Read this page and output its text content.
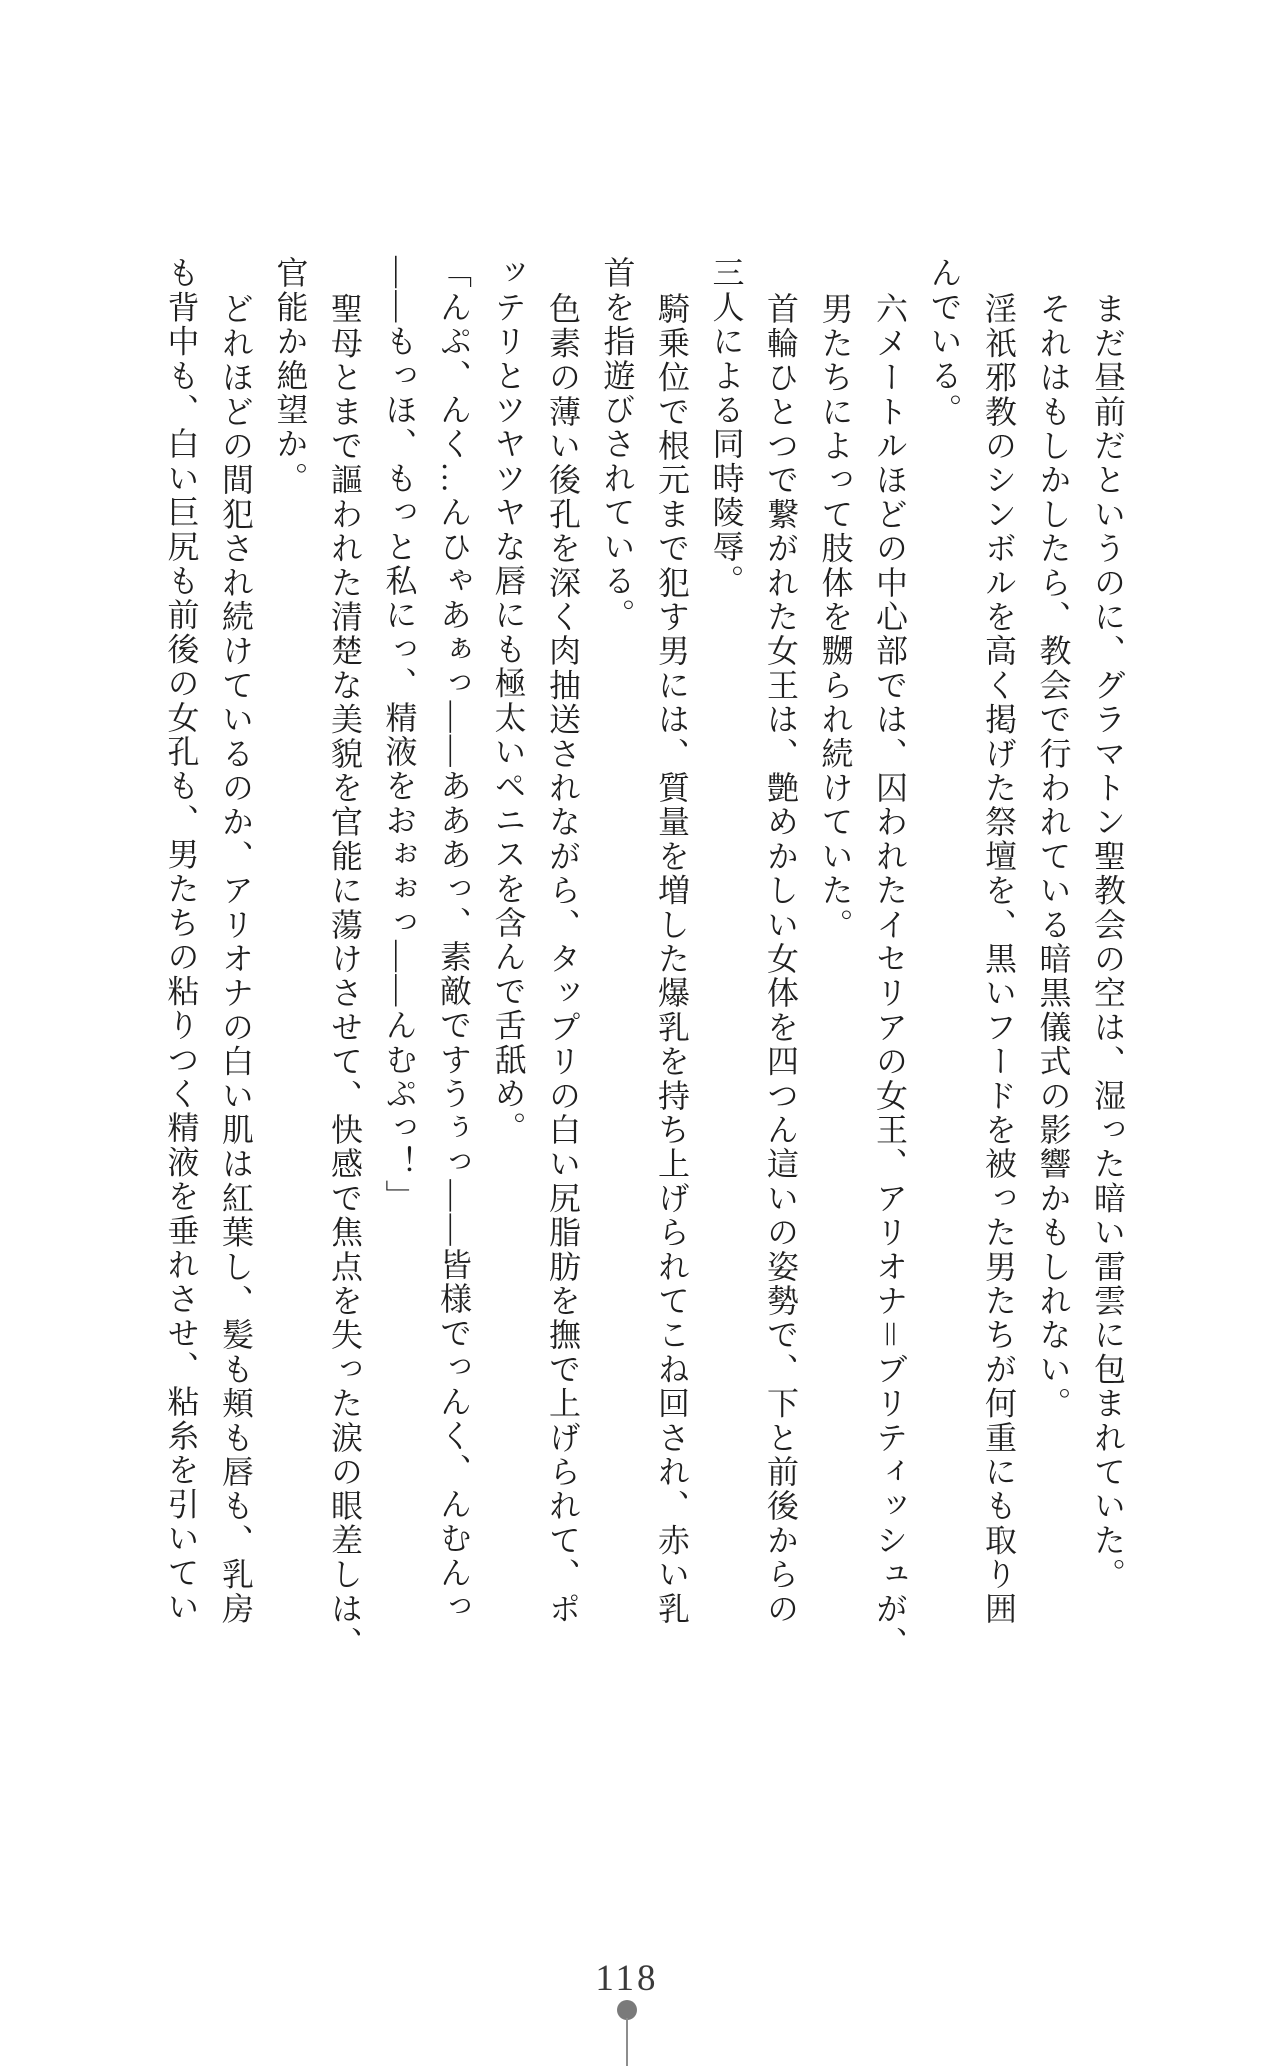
まだ昼前だというのに、グラマトン聖教会の空は、湿った暗い雷雲に包まれていた。
それはもしかしたら、教会で行われている暗黒儀式の影響かもしれない。
淫祇邪教のシンボルを高く掲げた祭壇を、黒いフードを被った男たちが何重にも取り囲
んでいる。
六メートルほどの中心部では、囚われたイセリアの女王、アリオナ＝ブリティッシュが、
男たちによって肢体を嬲られ続けていた。
首輪ひとつで繋がれた女王は、艶めかしい女体を四つん這いの姿勢で、下と前後からの
三人による同時陵辱。
騎乗位で根元まで犯す男には、質量を増した爆乳を持ち上げられてこね回され、赤い乳
首を指遊びされている。
色素の薄い後孔を深く肉抽送されながら、タップリの白い尻脂肪を撫で上げられて、ポ
ッテリとツヤツヤな唇にも極太いペニスを含んで舌舐め。
「んぷ、んく…んひゃあぁっ――あああっ、素敵ですうぅっ――皆様でっんく、んむんっ
――もっほ、もっと私にっ、精液をおぉぉっ――んむぷっ！」
聖母とまで謳われた清楚な美貌を官能に蕩けさせて、快感で焦点を失った涙の眼差しは、
官能か絶望か。
どれほどの間犯され続けているのか、アリオナの白い肌は紅葉し、髪も頬も唇も、乳房
も背中も、白い巨尻も前後の女孔も、男たちの粘りつく精液を垂れさせ、粘糸を引いてい
118
